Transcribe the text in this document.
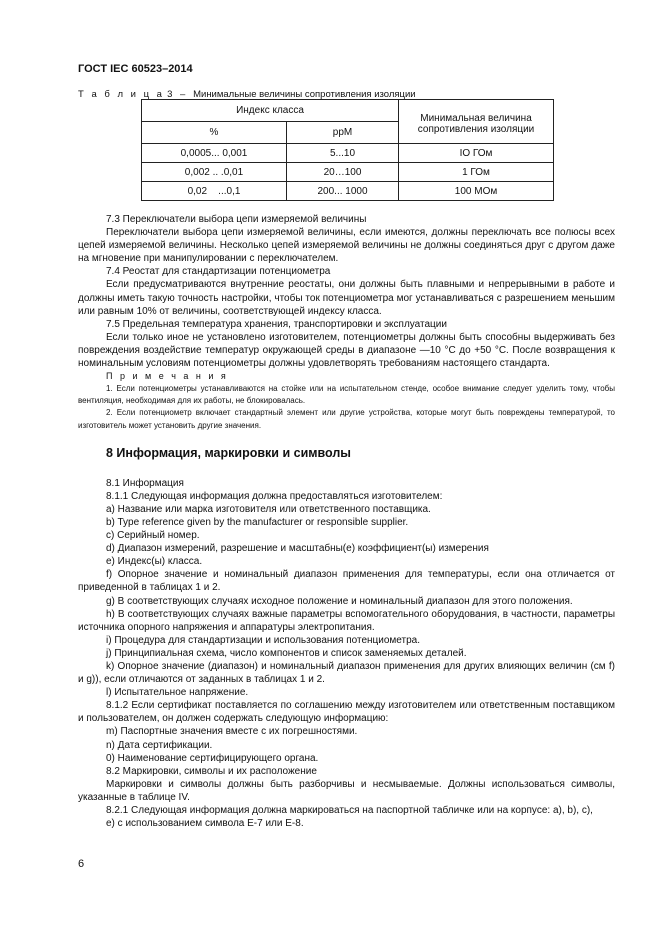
ГОСТ IEC 60523–2014
Т а б л и ц а 3 – Минимальные величины сопротивления изоляции
Индекс класса		Минимальная величина сопротивления изоляции
%	ppM	
0,0005... 0,001	5...10	IO ГОм
0,002 .. .0,01	20…100	1 ГОм
0,02    ...0,1	200... 1000	100 МОм

7.3 Переключатели выбора цепи измеряемой величины

Переключатели выбора цепи измеряемой величины, если имеются, должны переключать все полюсы всех цепей измеряемой величины. Несколько цепей измеряемой величины не должны соединяться друг с другом даже на мгновение при манипулировании с переключателем.

7.4 Реостат для стандартизации потенциометра

Если предусматриваются внутренние реостаты, они должны быть плавными и непрерывными в работе и должны иметь такую точность настройки, чтобы ток потенциометра мог устанавливаться с разрешением меньшим или равным 10% от величины, соответствующей индексу класса.

7.5 Предельная температура хранения, транспортировки и эксплуатации

Если только иное не установлено изготовителем, потенциометры должны быть способны выдерживать без повреждения воздействие температур окружающей среды в диапазоне —10 °С до +50 °С. После возвращения к номинальным условиям потенциометры должны удовлетворять требованиям настоящего стандарта.

П р и м е ч а н и я

1. Если потенциометры устанавливаются на стойке или на испытательном стенде, особое внимание следует уделить тому, чтобы вентиляция, необходимая для их работы, не блокировалась.

2. Если потенциометр включает стандартный элемент или другие устройства, которые могут быть повреждены температурой, то изготовитель может установить другие значения.

8 Информация, маркировки и символы

8.1 Информация

8.1.1 Следующая информация должна предоставляться изготовителем:

а) Название или марка изготовителя или ответственного поставщика.

b) Type reference given by the manufacturer or responsible supplier.

с) Серийный номер.

d) Диапазон измерений, разрешение и масштабны(е) коэффициент(ы) измерения

е) Индекс(ы) класса.

f) Опорное значение и номинальный диапазон применения для температуры, если она отличается от приведенной в таблицах 1 и 2.

g) В соответствующих случаях исходное положение и номинальный диапазон для этого положения.

h) В соответствующих случаях важные параметры вспомогательного оборудования, в частности, параметры источника опорного напряжения и аппаратуры электропитания.

i) Процедура для стандартизации и использования потенциометра.

j) Принципиальная схема, число компонентов и список заменяемых деталей.

k) Опорное значение (диапазон) и номинальный диапазон применения для других влияющих величин (см f) и g)), если отличаются от заданных в таблицах 1 и 2.

l) Испытательное напряжение.

8.1.2 Если сертификат поставляется по соглашению между изготовителем или ответственным поставщиком и пользователем, он должен содержать следующую информацию:

m) Паспортные значения вместе с их погрешностями.

n) Дата сертификации.

0) Наименование сертифицирующего органа.

8.2 Маркировки, символы и их расположение

Маркировки и символы должны быть разборчивы и несмываемые. Должны использоваться символы, указанные в таблице IV.

8.2.1 Следующая информация должна маркироваться на паспортной табличке или на корпусе: а), b), с),

е) с использованием символа Е-7 или Е-8.

6
